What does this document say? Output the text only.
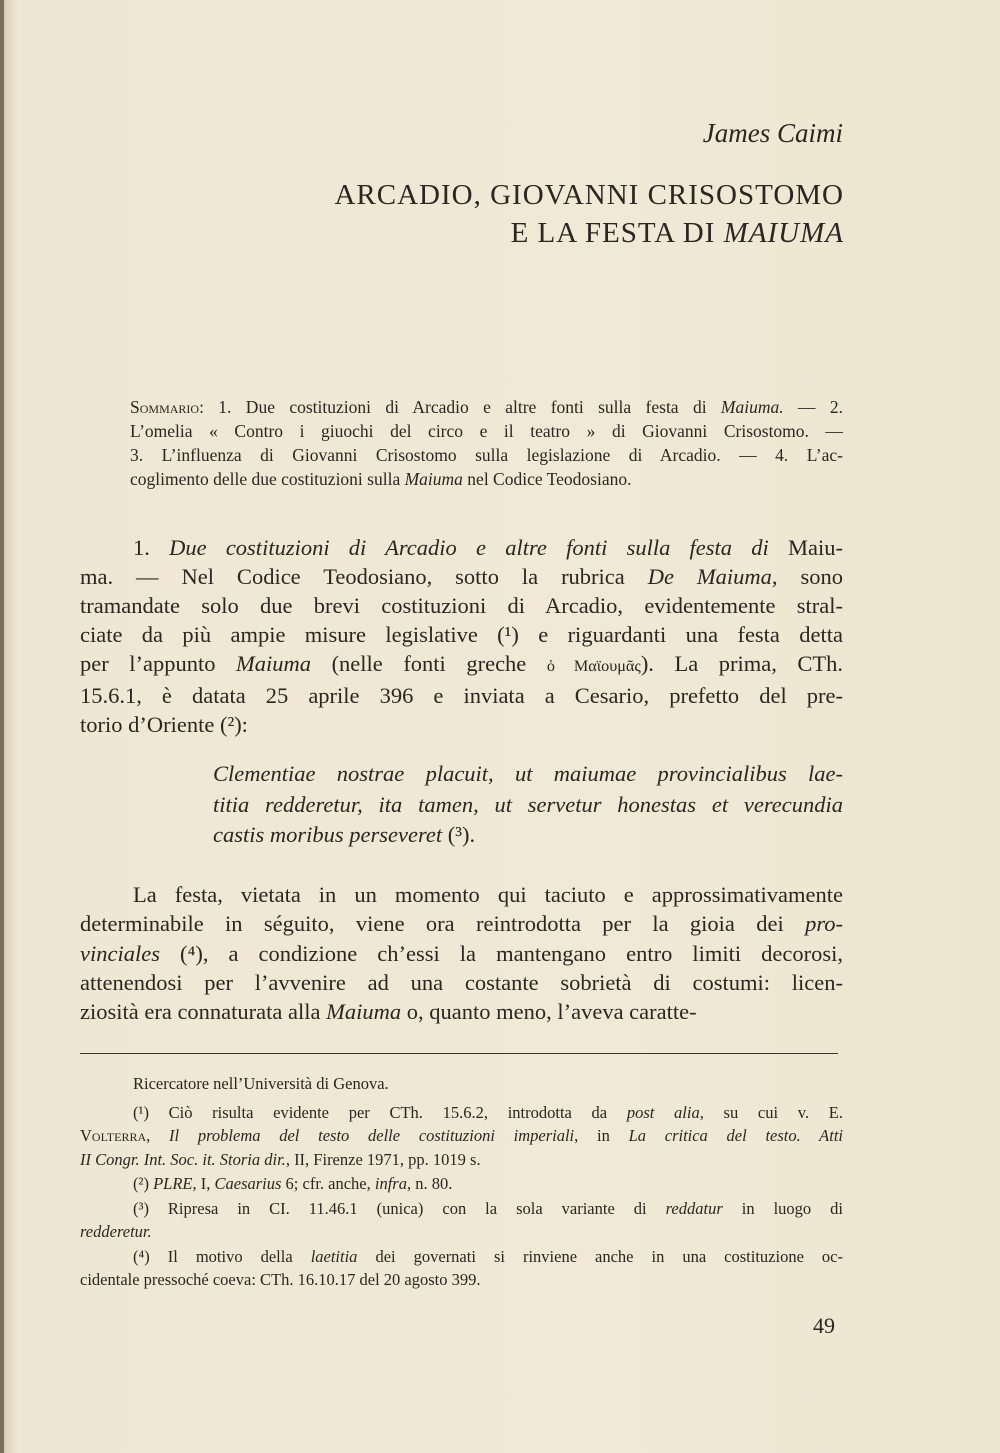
James Caimi
ARCADIO, GIOVANNI CRISOSTOMO
E LA FESTA DI MAIUMA
Sommario: 1. Due costituzioni di Arcadio e altre fonti sulla festa di Maiuma. — 2.
L’omelia « Contro i giuochi del circo e il teatro » di Giovanni Crisostomo. —
3. L’influenza di Giovanni Crisostomo sulla legislazione di Arcadio. — 4. L’ac-
coglimento delle due costituzioni sulla Maiuma nel Codice Teodosiano.
1. Due costituzioni di Arcadio e altre fonti sulla festa di Maiu-
ma. — Nel Codice Teodosiano, sotto la rubrica De Maiuma, sono
tramandate solo due brevi costituzioni di Arcadio, evidentemente stral-
ciate da più ampie misure legislative (¹) e riguardanti una festa detta
per l’appunto Maiuma (nelle fonti greche ὁ Μαϊουμᾶς). La prima, CTh.
15.6.1, è datata 25 aprile 396 e inviata a Cesario, prefetto del pre-
torio d’Oriente (²):
Clementiae nostrae placuit, ut maiumae provincialibus lae-
titia redderetur, ita tamen, ut servetur honestas et verecundia
castis moribus perseveret (³).
La festa, vietata in un momento qui taciuto e approssimativamente
determinabile in séguito, viene ora reintrodotta per la gioia dei pro-
vinciales (⁴), a condizione ch’essi la mantengano entro limiti decorosi,
attenendosi per l’avvenire ad una costante sobrietà di costumi: licen-
ziosità era connaturata alla Maiuma o, quanto meno, l’aveva caratte-
Ricercatore nell’Università di Genova.
(¹) Ciò risulta evidente per CTh. 15.6.2, introdotta da post alia, su cui v. E.
Volterra, Il problema del testo delle costituzioni imperiali, in La critica del testo. Atti
II Congr. Int. Soc. it. Storia dir., II, Firenze 1971, pp. 1019 s.
(²) PLRE, I, Caesarius 6; cfr. anche, infra, n. 80.
(³) Ripresa in CI. 11.46.1 (unica) con la sola variante di reddatur in luogo di
redderetur.
(⁴) Il motivo della laetitia dei governati si rinviene anche in una costituzione oc-
cidentale pressoché coeva: CTh. 16.10.17 del 20 agosto 399.
49
